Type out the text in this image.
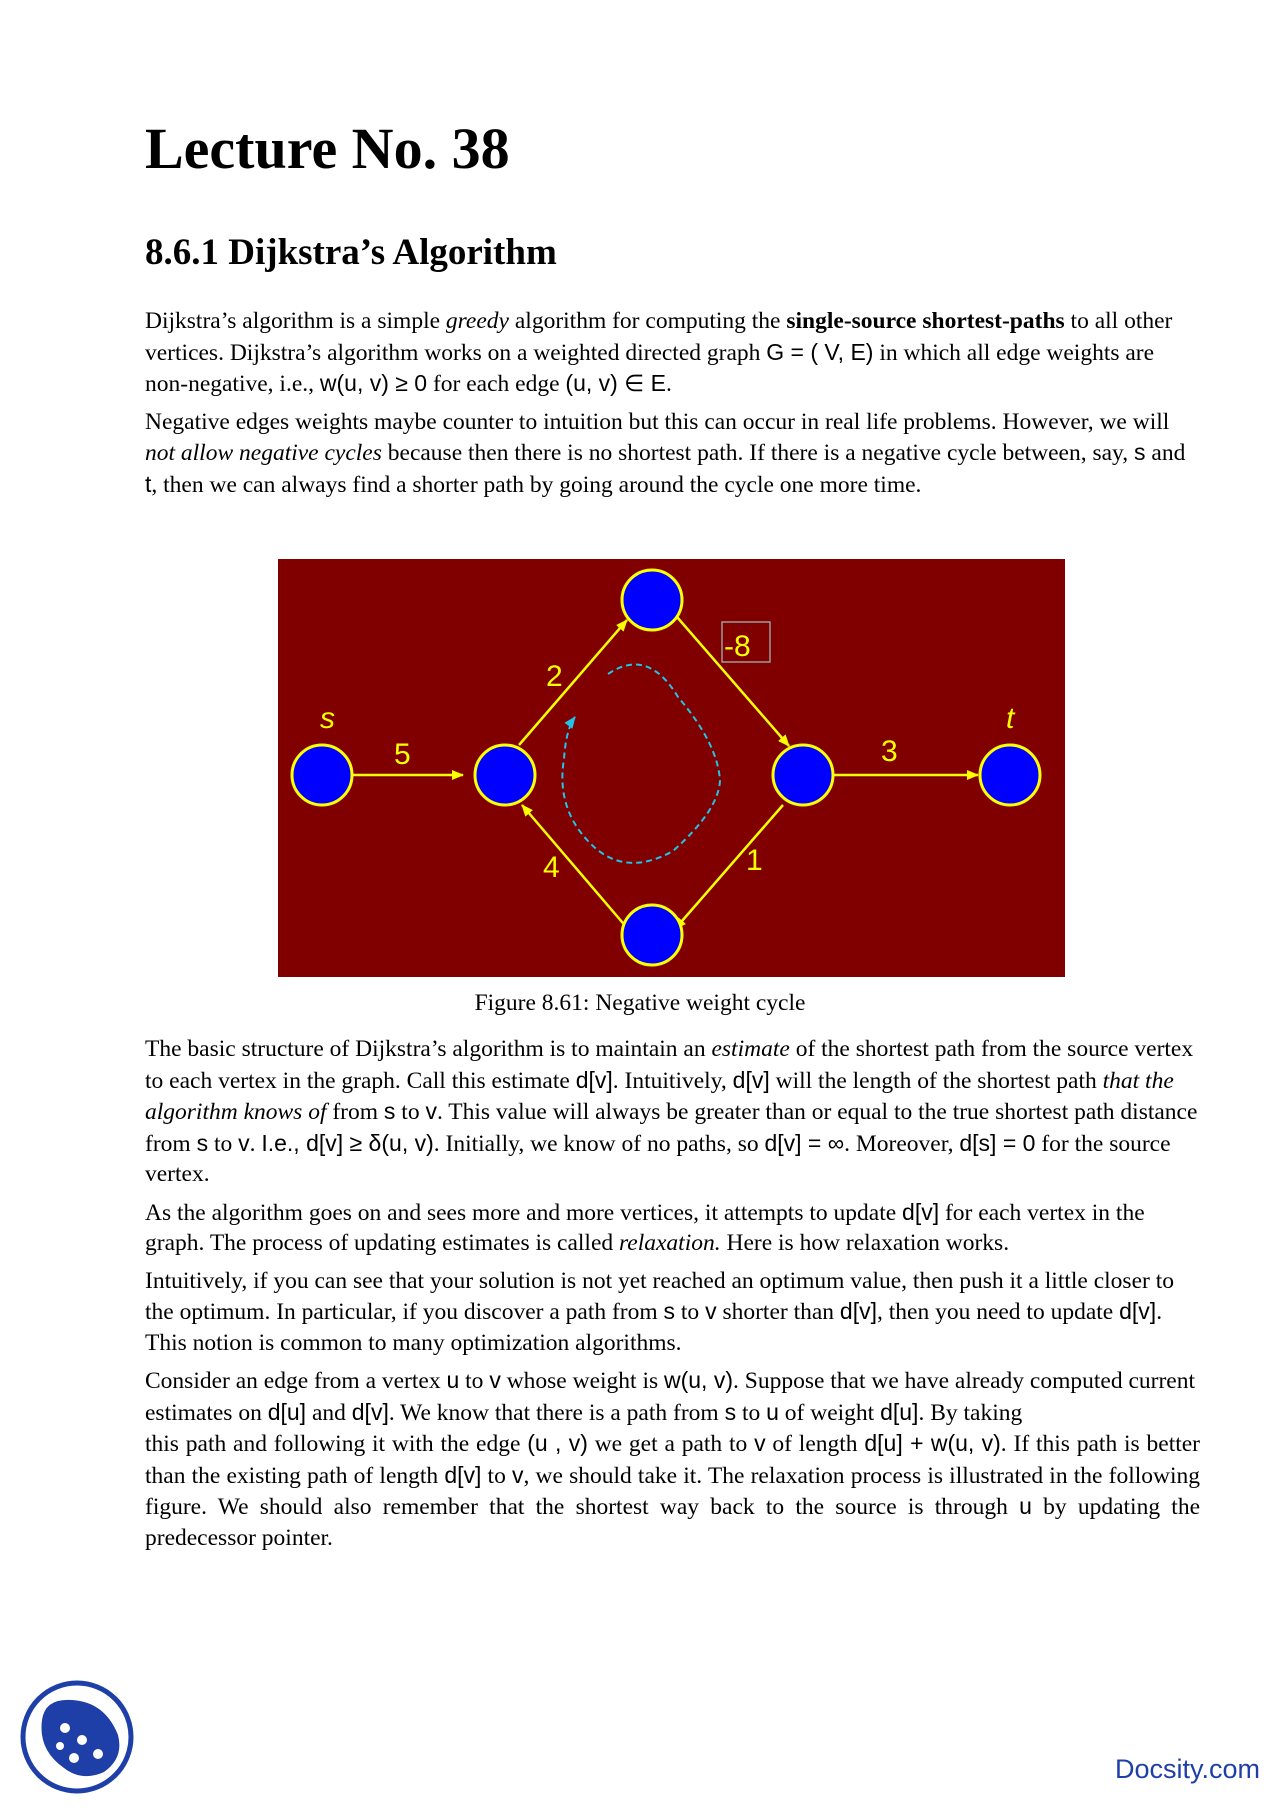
Lecture No. 38
8.6.1 Dijkstra’s Algorithm

Dijkstra’s algorithm is a simple greedy algorithm for computing the single-source shortest-paths to all other vertices. Dijkstra’s algorithm works on a weighted directed graph G = ( V, E) in which all edge weights are non-negative, i.e., w(u, v) ≥ 0 for each edge (u, v) ∈ E.

Negative edges weights maybe counter to intuition but this can occur in real life problems. However, we will not allow negative cycles because then there is no shortest path. If there is a negative cycle between, say, s and t, then we can always find a shorter path by going around the cycle one more time.

s	t
5
2
-8
3
1
4
Figure 8.61: Negative weight cycle

The basic structure of Dijkstra’s algorithm is to maintain an estimate of the shortest path from the source vertex to each vertex in the graph. Call this estimate d[v]. Intuitively, d[v] will the length of the shortest path that the algorithm knows of from s to v. This value will always be greater than or equal to the true shortest path distance from s to v. I.e., d[v] ≥ δ(u, v). Initially, we know of no paths, so d[v] = ∞. Moreover, d[s] = 0 for the source vertex.

As the algorithm goes on and sees more and more vertices, it attempts to update d[v] for each vertex in the graph. The process of updating estimates is called relaxation. Here is how relaxation works.

Intuitively, if you can see that your solution is not yet reached an optimum value, then push it a little closer to the optimum. In particular, if you discover a path from s to v shorter than d[v], then you need to update d[v]. This notion is common to many optimization algorithms.

Consider an edge from a vertex u to v whose weight is w(u, v). Suppose that we have already computed current estimates on d[u] and d[v]. We know that there is a path from s to u of weight d[u]. By taking

this path and following it with the edge (u , v) we get a path to v of length d[u] + w(u, v). If this path is better than the existing path of length d[v] to v, we should take it. The relaxation process is illustrated in the following figure. We should also remember that the shortest way back to the source is through u by updating the predecessor pointer.

Docsity.com
